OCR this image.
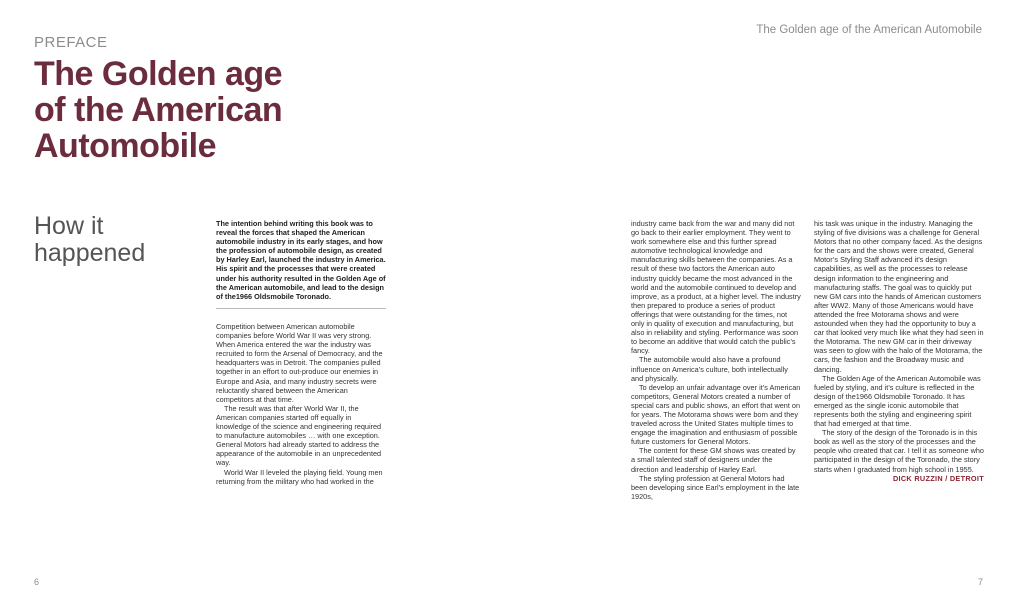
The Golden age of the American Automobile
PREFACE
The Golden age
of the American
Automobile
How it
happened

The intention behind writing this book was to reveal the forces that shaped the American automobile industry in its early stages, and how the profession of automobile design, as created by Harley Earl, launched the industry in America. His spirit and the processes that were created under his authority resulted in the Golden Age of the American automobile, and lead to the design of the1966 Oldsmobile Toronado.

Competition between American automobile companies before World War II was very strong. When America entered the war the industry was recruited to form the Arsenal of Democracy, and the headquarters was in Detroit. The companies pulled together in an effort to out-produce our enemies in Europe and Asia, and many industry secrets were reluctantly shared between the American competitors at that time.

The result was that after World War II, the American companies started off equally in knowledge of the science and engineering required to manufacture automobiles … with one exception. General Motors had already started to address the appearance of the automobile in an unprecedented way.

World War II leveled the playing field. Young men returning from the military who had worked in the

industry came back from the war and many did not go back to their earlier employment. They went to work somewhere else and this further spread automotive technological knowledge and manufacturing skills between the companies. As a result of these two factors the American auto industry quickly became the most advanced in the world and the automobile continued to develop and improve, as a product, at a higher level. The industry then prepared to produce a series of product offerings that were outstanding for the times, not only in quality of execution and manufacturing, but also in reliability and styling. Performance was soon to become an additive that would catch the public’s fancy.

The automobile would also have a profound influence on America’s culture, both intellectually and physically.

To develop an unfair advantage over it’s American competitors, General Motors created a number of special cars and public shows, an effort that went on for years. The Motorama shows were born and they traveled across the United States multiple times to engage the imagination and enthusiasm of possible future customers for General Motors.

The content for these GM shows was created by a small talented staff of designers under the direction and leadership of Harley Earl.

The styling profession at General Motors had been developing since Earl’s employment in the late 1920s,

his task was unique in the industry. Managing the styling of five divisions was a challenge for General Motors that no other company faced. As the designs for the cars and the shows were created, General Motor’s Styling Staff advanced it’s design capabilities, as well as the processes to release design information to the engineering and manufacturing staffs. The goal was to quickly put new GM cars into the hands of American customers after WW2. Many of those Americans would have attended the free Motorama shows and were astounded when they had the opportunity to buy a car that looked very much like what they had seen in the Motorama. The new GM car in their driveway was seen to glow with the halo of the Motorama, the cars, the fashion and the Broadway music and dancing.

The Golden Age of the American Automobile was fueled by styling, and it’s culture is reflected in the design of the1966 Oldsmobile Toronado. It has emerged as the single iconic automobile that represents both the styling and engineering spirit that had emerged at that time.

The story of the design of the Toronado is in this book as well as the story of the processes and the people who created that car. I tell it as someone who participated in the design of the Toronado, the story starts when I graduated from high school in 1955.

DICK RUZZIN / DETROIT

6	7
